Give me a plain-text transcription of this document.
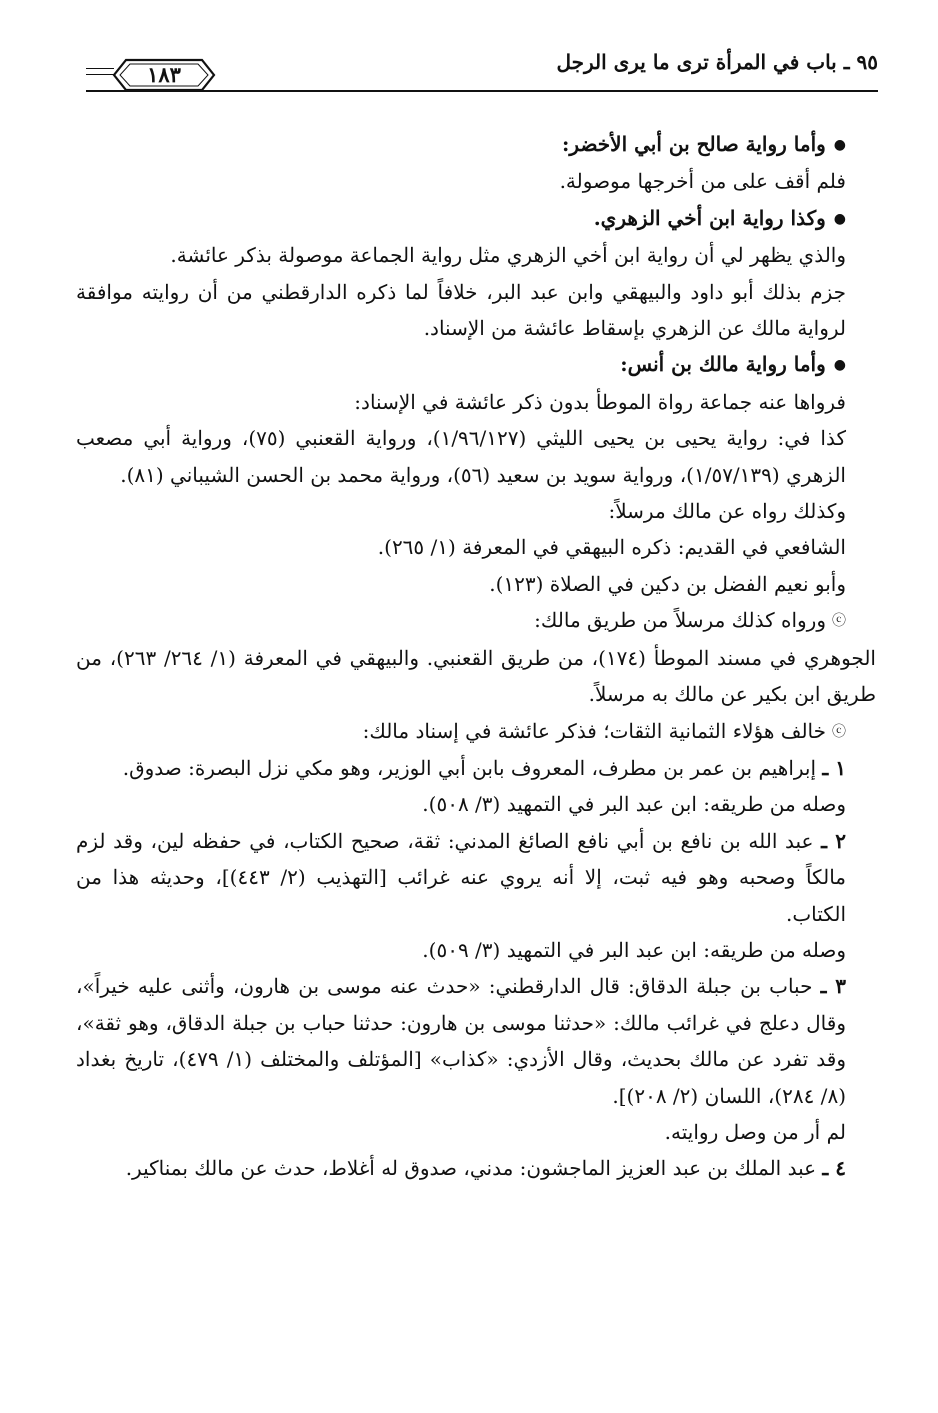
٩٥ ـ باب في المرأة ترى ما يرى الرجل
١٨٣

●وأما رواية صالح بن أبي الأخضر:

فلم أقف على من أخرجها موصولة.

●وكذا رواية ابن أخي الزهري.

والذي يظهر لي أن رواية ابن أخي الزهري مثل رواية الجماعة موصولة بذكر عائشة.

جزم بذلك أبو داود والبيهقي وابن عبد البر، خلافاً لما ذكره الدارقطني من أن روايته موافقة لرواية مالك عن الزهري بإسقاط عائشة من الإسناد.

●وأما رواية مالك بن أنس:

فرواها عنه جماعة رواة الموطأ بدون ذكر عائشة في الإسناد:

كذا في: رواية يحيى بن يحيى الليثي (١/٩٦/١٢٧)، ورواية القعنبي (٧٥)، ورواية أبي مصعب الزهري (١/٥٧/١٣٩)، ورواية سويد بن سعيد (٥٦)، ورواية محمد بن الحسن الشيباني (٨١).

وكذلك رواه عن مالك مرسلاً:

الشافعي في القديم: ذكره البيهقي في المعرفة (١/ ٢٦٥).

وأبو نعيم الفضل بن دكين في الصلاة (١٢٣).

ⓒورواه كذلك مرسلاً من طريق مالك:

الجوهري في مسند الموطأ (١٧٤)، من طريق القعنبي. والبيهقي في المعرفة (١/ ٢٦٤/ ٢٦٣)، من طريق ابن بكير عن مالك به مرسلاً.

ⓒخالف هؤلاء الثمانية الثقات؛ فذكر عائشة في إسناد مالك:

١ ـ إبراهيم بن عمر بن مطرف، المعروف بابن أبي الوزير، وهو مكي نزل البصرة: صدوق.

وصله من طريقه: ابن عبد البر في التمهيد (٣/ ٥٠٨).

٢ ـ عبد الله بن نافع بن أبي نافع الصائغ المدني: ثقة، صحيح الكتاب، في حفظه لين، وقد لزم مالكاً وصحبه وهو فيه ثبت، إلا أنه يروي عنه غرائب [التهذيب (٢/ ٤٤٣)]، وحديثه هذا من الكتاب.

وصله من طريقه: ابن عبد البر في التمهيد (٣/ ٥٠٩).

٣ ـ حباب بن جبلة الدقاق: قال الدارقطني: «حدث عنه موسى بن هارون، وأثنى عليه خيراً»، وقال دعلج في غرائب مالك: «حدثنا موسى بن هارون: حدثنا حباب بن جبلة الدقاق، وهو ثقة»، وقد تفرد عن مالك بحديث، وقال الأزدي: «كذاب» [المؤتلف والمختلف (١/ ٤٧٩)، تاريخ بغداد (٨/ ٢٨٤)، اللسان (٢/ ٢٠٨)].

لم أر من وصل روايته.

٤ ـ عبد الملك بن عبد العزيز الماجشون: مدني، صدوق له أغلاط، حدث عن مالك بمناكير.
